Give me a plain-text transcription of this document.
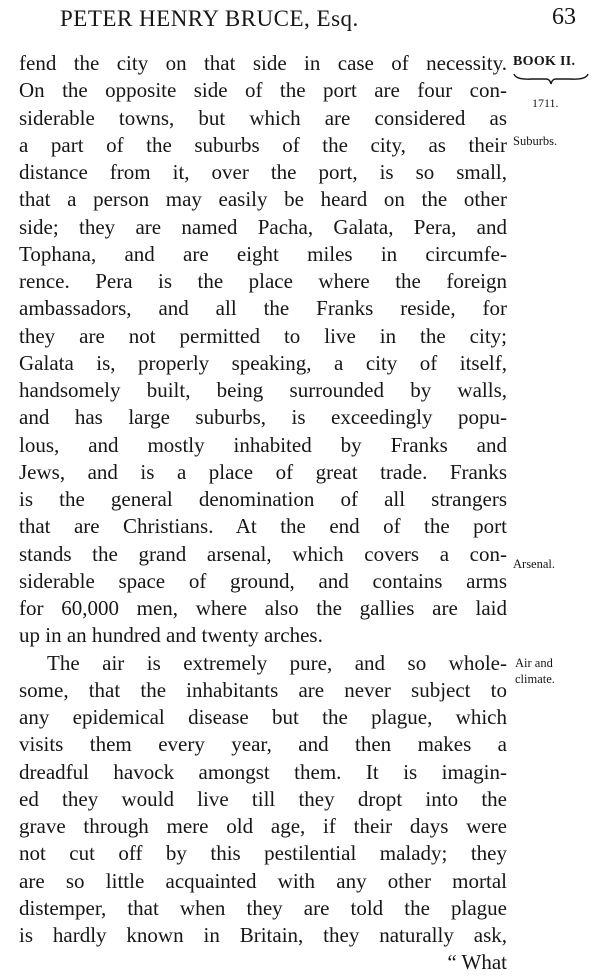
PETER HENRY BRUCE, Esq.	63
BOOK II.
1711.
Suburbs.
Arsenal.
Air and
climate.
fend the city on that side in case of necessity.
On the opposite side of the port are four con-
siderable towns, but which are considered as
a part of the suburbs of the city, as their
distance from it, over the port, is so small,
that a person may easily be heard on the other
side; they are named Pacha, Galata, Pera, and
Tophana, and are eight miles in circumfe-
rence. Pera is the place where the foreign
ambassadors, and all the Franks reside, for
they are not permitted to live in the city;
Galata is, properly speaking, a city of itself,
handsomely built, being surrounded by walls,
and has large suburbs, is exceedingly popu-
lous, and mostly inhabited by Franks and
Jews, and is a place of great trade. Franks
is the general denomination of all strangers
that are Christians. At the end of the port
stands the grand arsenal, which covers a con-
siderable space of ground, and contains arms
for 60,000 men, where also the gallies are laid
up in an hundred and twenty arches.
The air is extremely pure, and so whole-
some, that the inhabitants are never subject to
any epidemical disease but the plague, which
visits them every year, and then makes a
dreadful havock amongst them. It is imagin-
ed they would live till they dropt into the
grave through mere old age, if their days were
not cut off by this pestilential malady; they
are so little acquainted with any other mortal
distemper, that when they are told the plague
is hardly known in Britain, they naturally ask,
“ What
